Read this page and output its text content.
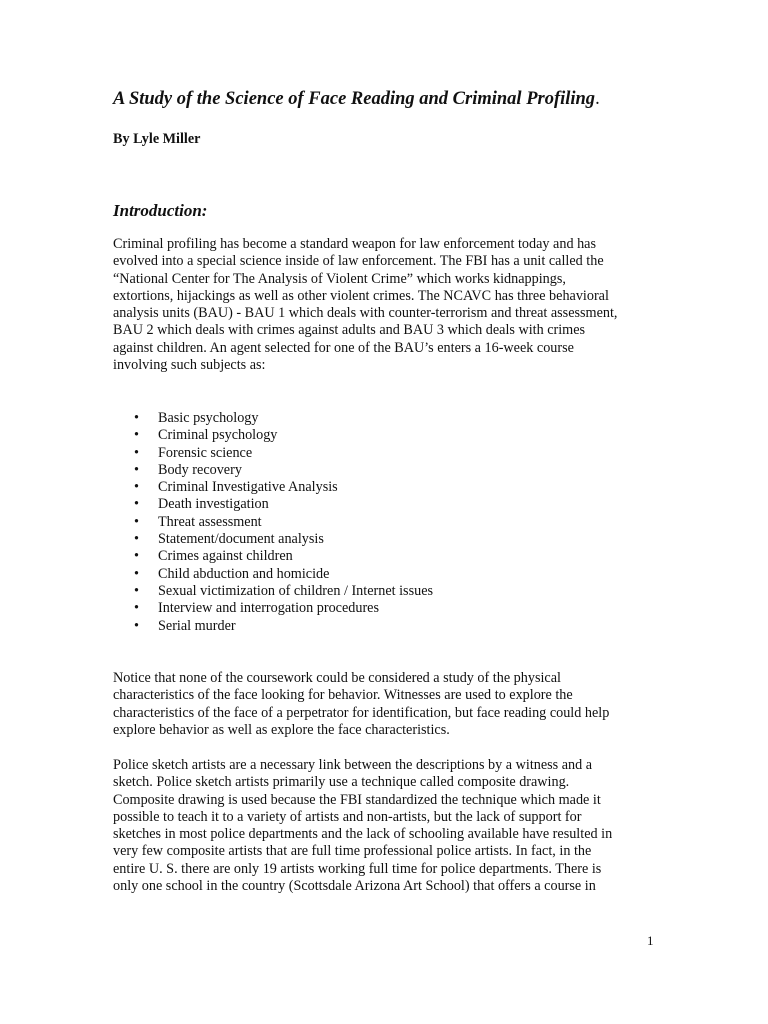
A Study of the Science of Face Reading and Criminal Profiling.

By Lyle Miller

Introduction:

Criminal profiling has become a standard weapon for law enforcement today and has
evolved into a special science inside of law enforcement. The FBI has a unit called the
“National Center for The Analysis of Violent Crime” which works kidnappings,
extortions, hijackings as well as other violent crimes. The NCAVC has three behavioral
analysis units (BAU) - BAU 1 which deals with counter-terrorism and threat assessment,
BAU 2 which deals with crimes against adults and BAU 3 which deals with crimes
against children. An agent selected for one of the BAU’s enters a 16-week course
involving such subjects as:

• Basic psychology
• Criminal psychology
• Forensic science
• Body recovery
• Criminal Investigative Analysis
• Death investigation
• Threat assessment
• Statement/document analysis
• Crimes against children
• Child abduction and homicide
• Sexual victimization of children / Internet issues
• Interview and interrogation procedures
• Serial murder

Notice that none of the coursework could be considered a study of the physical
characteristics of the face looking for behavior. Witnesses are used to explore the
characteristics of the face of a perpetrator for identification, but face reading could help
explore behavior as well as explore the face characteristics.

Police sketch artists are a necessary link between the descriptions by a witness and a
sketch. Police sketch artists primarily use a technique called composite drawing.
Composite drawing is used because the FBI standardized the technique which made it
possible to teach it to a variety of artists and non-artists, but the lack of support for
sketches in most police departments and the lack of schooling available have resulted in
very few composite artists that are full time professional police artists. In fact, in the
entire U. S. there are only 19 artists working full time for police departments. There is
only one school in the country (Scottsdale Arizona Art School) that offers a course in

1
